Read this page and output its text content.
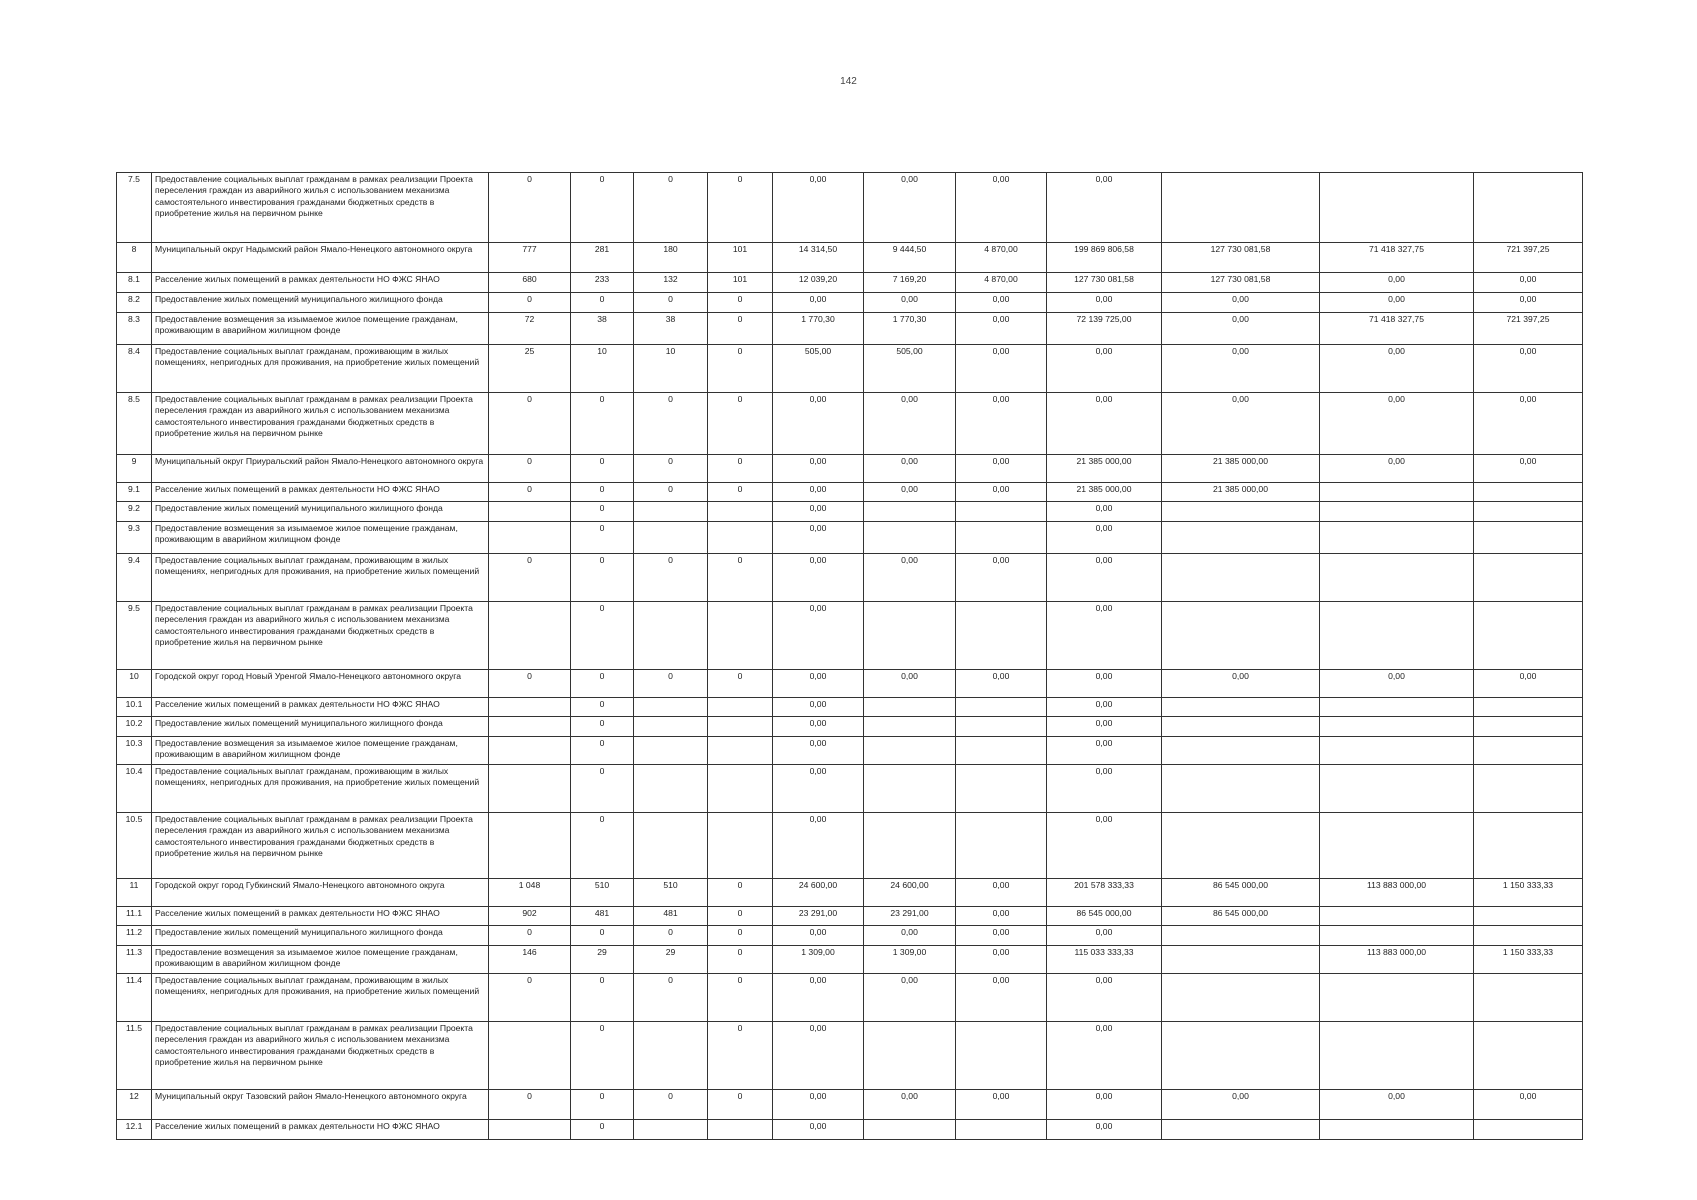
142
7.5	Предоставление социальных выплат гражданам в рамках реализации Проекта переселения граждан из аварийного жилья с использованием механизма самостоятельного инвестирования гражданами бюджетных средств в приобретение жилья на первичном рынке	0	0	0	0	0,00	0,00	0,00	0,00			
8	Муниципальный округ Надымский район Ямало-Ненецкого автономного округа	777	281	180	101	14 314,50	9 444,50	4 870,00	199 869 806,58	127 730 081,58	71 418 327,75	721 397,25
8.1	Расселение жилых помещений в рамках деятельности НО ФЖС ЯНАО	680	233	132	101	12 039,20	7 169,20	4 870,00	127 730 081,58	127 730 081,58	0,00	0,00
8.2	Предоставление жилых помещений муниципального жилищного фонда	0	0	0	0	0,00	0,00	0,00	0,00	0,00	0,00	0,00
8.3	Предоставление возмещения за изымаемое жилое помещение гражданам, проживающим в аварийном жилищном фонде	72	38	38	0	1 770,30	1 770,30	0,00	72 139 725,00	0,00	71 418 327,75	721 397,25
8.4	Предоставление социальных выплат гражданам, проживающим в жилых помещениях, непригодных для проживания, на приобретение жилых помещений	25	10	10	0	505,00	505,00	0,00	0,00	0,00	0,00	0,00
8.5	Предоставление социальных выплат гражданам в рамках реализации Проекта переселения граждан из аварийного жилья с использованием механизма самостоятельного инвестирования гражданами бюджетных средств в приобретение жилья на первичном рынке	0	0	0	0	0,00	0,00	0,00	0,00	0,00	0,00	0,00
9	Муниципальный округ Приуральский район Ямало-Ненецкого автономного округа	0	0	0	0	0,00	0,00	0,00	21 385 000,00	21 385 000,00	0,00	0,00
9.1	Расселение жилых помещений в рамках деятельности НО ФЖС ЯНАО	0	0	0	0	0,00	0,00	0,00	21 385 000,00	21 385 000,00		
9.2	Предоставление жилых помещений муниципального жилищного фонда		0			0,00			0,00			
9.3	Предоставление возмещения за изымаемое жилое помещение гражданам, проживающим в аварийном жилищном фонде		0			0,00			0,00			
9.4	Предоставление социальных выплат гражданам, проживающим в жилых помещениях, непригодных для проживания, на приобретение жилых помещений	0	0	0	0	0,00	0,00	0,00	0,00			
9.5	Предоставление социальных выплат гражданам в рамках реализации Проекта переселения граждан из аварийного жилья с использованием механизма самостоятельного инвестирования гражданами бюджетных средств в приобретение жилья на первичном рынке		0			0,00			0,00			
10	Городской округ город Новый Уренгой Ямало-Ненецкого автономного округа	0	0	0	0	0,00	0,00	0,00	0,00	0,00	0,00	0,00
10.1	Расселение жилых помещений в рамках деятельности НО ФЖС ЯНАО		0			0,00			0,00			
10.2	Предоставление жилых помещений муниципального жилищного фонда		0			0,00			0,00			
10.3	Предоставление возмещения за изымаемое жилое помещение гражданам, проживающим в аварийном жилищном фонде		0			0,00			0,00			
10.4	Предоставление социальных выплат гражданам, проживающим в жилых помещениях, непригодных для проживания, на приобретение жилых помещений		0			0,00			0,00			
10.5	Предоставление социальных выплат гражданам в рамках реализации Проекта переселения граждан из аварийного жилья с использованием механизма самостоятельного инвестирования гражданами бюджетных средств в приобретение жилья на первичном рынке		0			0,00			0,00			
11	Городской округ город Губкинский Ямало-Ненецкого автономного округа	1 048	510	510	0	24 600,00	24 600,00	0,00	201 578 333,33	86 545 000,00	113 883 000,00	1 150 333,33
11.1	Расселение жилых помещений в рамках деятельности НО ФЖС ЯНАО	902	481	481	0	23 291,00	23 291,00	0,00	86 545 000,00	86 545 000,00		
11.2	Предоставление жилых помещений муниципального жилищного фонда	0	0	0	0	0,00	0,00	0,00	0,00			
11.3	Предоставление возмещения за изымаемое жилое помещение гражданам, проживающим в аварийном жилищном фонде	146	29	29	0	1 309,00	1 309,00	0,00	115 033 333,33		113 883 000,00	1 150 333,33
11.4	Предоставление социальных выплат гражданам, проживающим в жилых помещениях, непригодных для проживания, на приобретение жилых помещений	0	0	0	0	0,00	0,00	0,00	0,00			
11.5	Предоставление социальных выплат гражданам в рамках реализации Проекта переселения граждан из аварийного жилья с использованием механизма самостоятельного инвестирования гражданами бюджетных средств в приобретение жилья на первичном рынке		0		0	0,00			0,00			
12	Муниципальный округ Тазовский район Ямало-Ненецкого автономного округа	0	0	0	0	0,00	0,00	0,00	0,00	0,00	0,00	0,00
12.1	Расселение жилых помещений в рамках деятельности НО ФЖС ЯНАО		0			0,00			0,00			
